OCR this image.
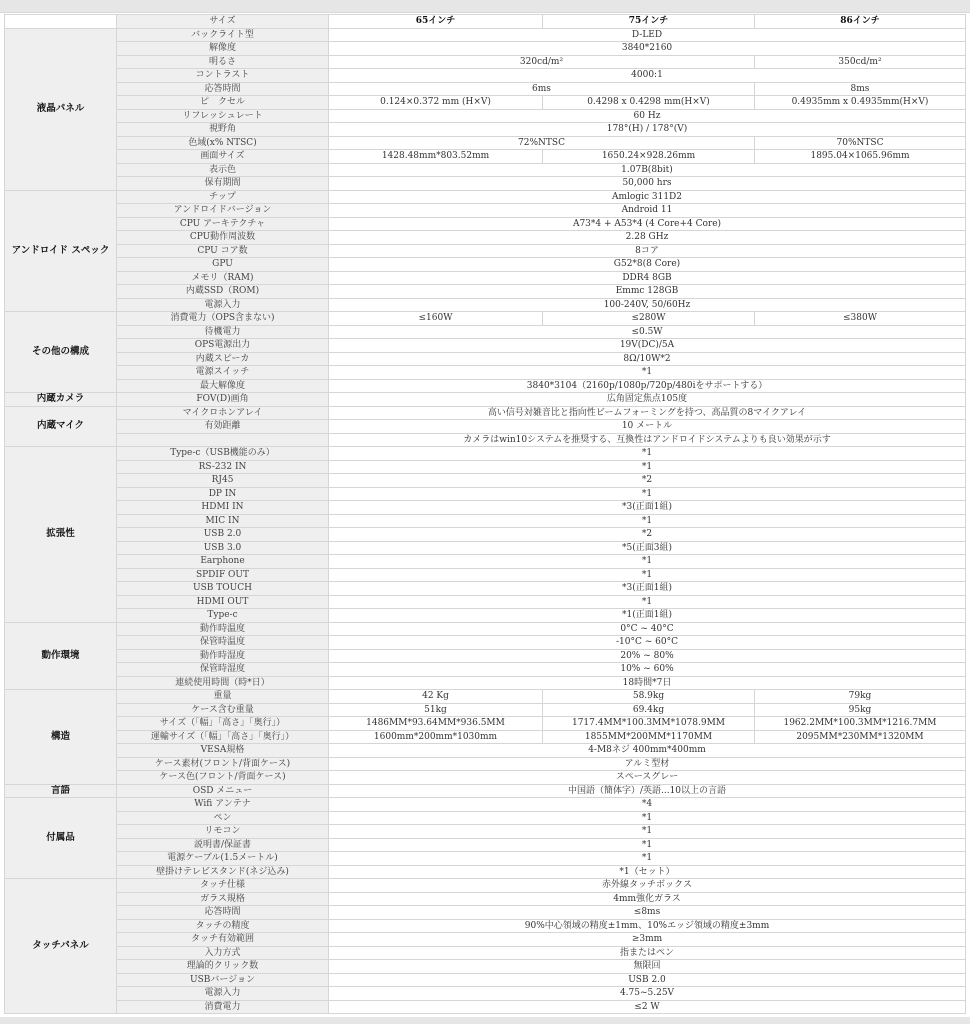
	サイズ	65インチ	75インチ	86インチ
液晶パネル	バックライト型	D-LED		
	解像度	3840*2160		
	明るさ	320cd/m²		350cd/m²
	コントラスト	4000:1		
	応答時間	6ms		8ms
	ピ　クセル	0.124×0.372 mm (H×V)	0.4298 x 0.4298 mm(H×V)	0.4935mm x 0.4935mm(H×V)
	リフレッシュレート	60 Hz		
	視野角	178°(H) / 178°(V)		
	色域(x% NTSC)	72%NTSC		70%NTSC
	画面サイズ	1428.48mm*803.52mm	1650.24×928.26mm	1895.04×1065.96mm
	表示色	1.07B(8bit)		
	保有期間	50,000 hrs		
アンドロイド スペック	チップ	Amlogic 311D2		
	アンドロイドバージョン	Android 11		
	CPU アーキテクチャ	A73*4 + A53*4 (4 Core+4 Core)		
	CPU動作周波数	2.28 GHz		
	CPU コア数	8コア		
	GPU	G52*8(8 Core)		
	メモリ（RAM)	DDR4 8GB		
	内蔵SSD（ROM)	Emmc 128GB		
	電源入力	100-240V, 50/60Hz		
その他の構成	消費電力（OPS含まない)	≤160W	≤280W	≤380W
	待機電力	≤0.5W		
	OPS電源出力	19V(DC)/5A		
	内蔵スピーカ	8Ω/10W*2		
	電源スイッチ	*1		
	最大解像度	3840*3104（2160p/1080p/720p/480iをサポートする）		
内蔵カメラ	FOV(D)画角	広角固定焦点105度		
内蔵マイク	マイクロホンアレイ	高い信号対雑音比と指向性ビームフォーミングを持つ、高品質の8マイクアレイ		
	有効距離	10 メートル		
		カメラはwin10システムを推奨する、互換性はアンドロイドシステムよりも良い効果が示す		
拡張性	Type-c（USB機能のみ）	*1		
	RS-232 IN	*1		
	RJ45	*2		
	DP IN	*1		
	HDMI IN	*3(正面1組)		
	MIC IN	*1		
	USB 2.0	*2		
	USB 3.0	*5(正面3組)		
	Earphone	*1		
	SPDIF OUT	*1		
	USB TOUCH	*3(正面1組)		
	HDMI OUT	*1		
	Type-c	*1(正面1組)		
動作環境	動作時温度	0°C ~ 40°C		
	保管時温度	-10°C ~ 60°C		
	動作時湿度	20% ~ 80%		
	保管時湿度	10% ~ 60%		
	連続使用時間（時*日）	18時間*7日		
構造	重量	42 Kg	58.9kg	79kg
	ケース含む重量	51kg	69.4kg	95kg
	サイズ（「幅」「高さ」「奥行」）	1486MM*93.64MM*936.5MM	1717.4MM*100.3MM*1078.9MM	1962.2MM*100.3MM*1216.7MM
	運輸サイズ（「幅」「高さ」「奥行」）	1600mm*200mm*1030mm	1855MM*200MM*1170MM	2095MM*230MM*1320MM
	VESA規格	4-M8ネジ 400mm*400mm		
	ケース素材(フロント/背面ケース)	アルミ型材		
	ケース色(フロント/背面ケース)	スペースグレー		
言語	OSD メニュー	中国語（簡体字）/英語...10以上の言語		
付属品	Wifi アンテナ	*4		
	ペン	*1		
	リモコン	*1		
	説明書/保証書	*1		
	電源ケーブル(1.5メートル)	*1		
	壁掛けテレビスタンド(ネジ込み)	*1（セット）		
タッチパネル	タッチ仕様	赤外線タッチボックス		
	ガラス規格	4mm強化ガラス		
	応答時間	≤8ms		
	タッチの精度	90%中心領域の精度±1mm、10%エッジ領域の精度±3mm		
	タッチ有効範囲	≥3mm		
	入力方式	指またはペン		
	理論的クリック数	無限回		
	USBバージョン	USB 2.0		
	電源入力	4.75~5.25V		
	消費電力	≤2 W		
